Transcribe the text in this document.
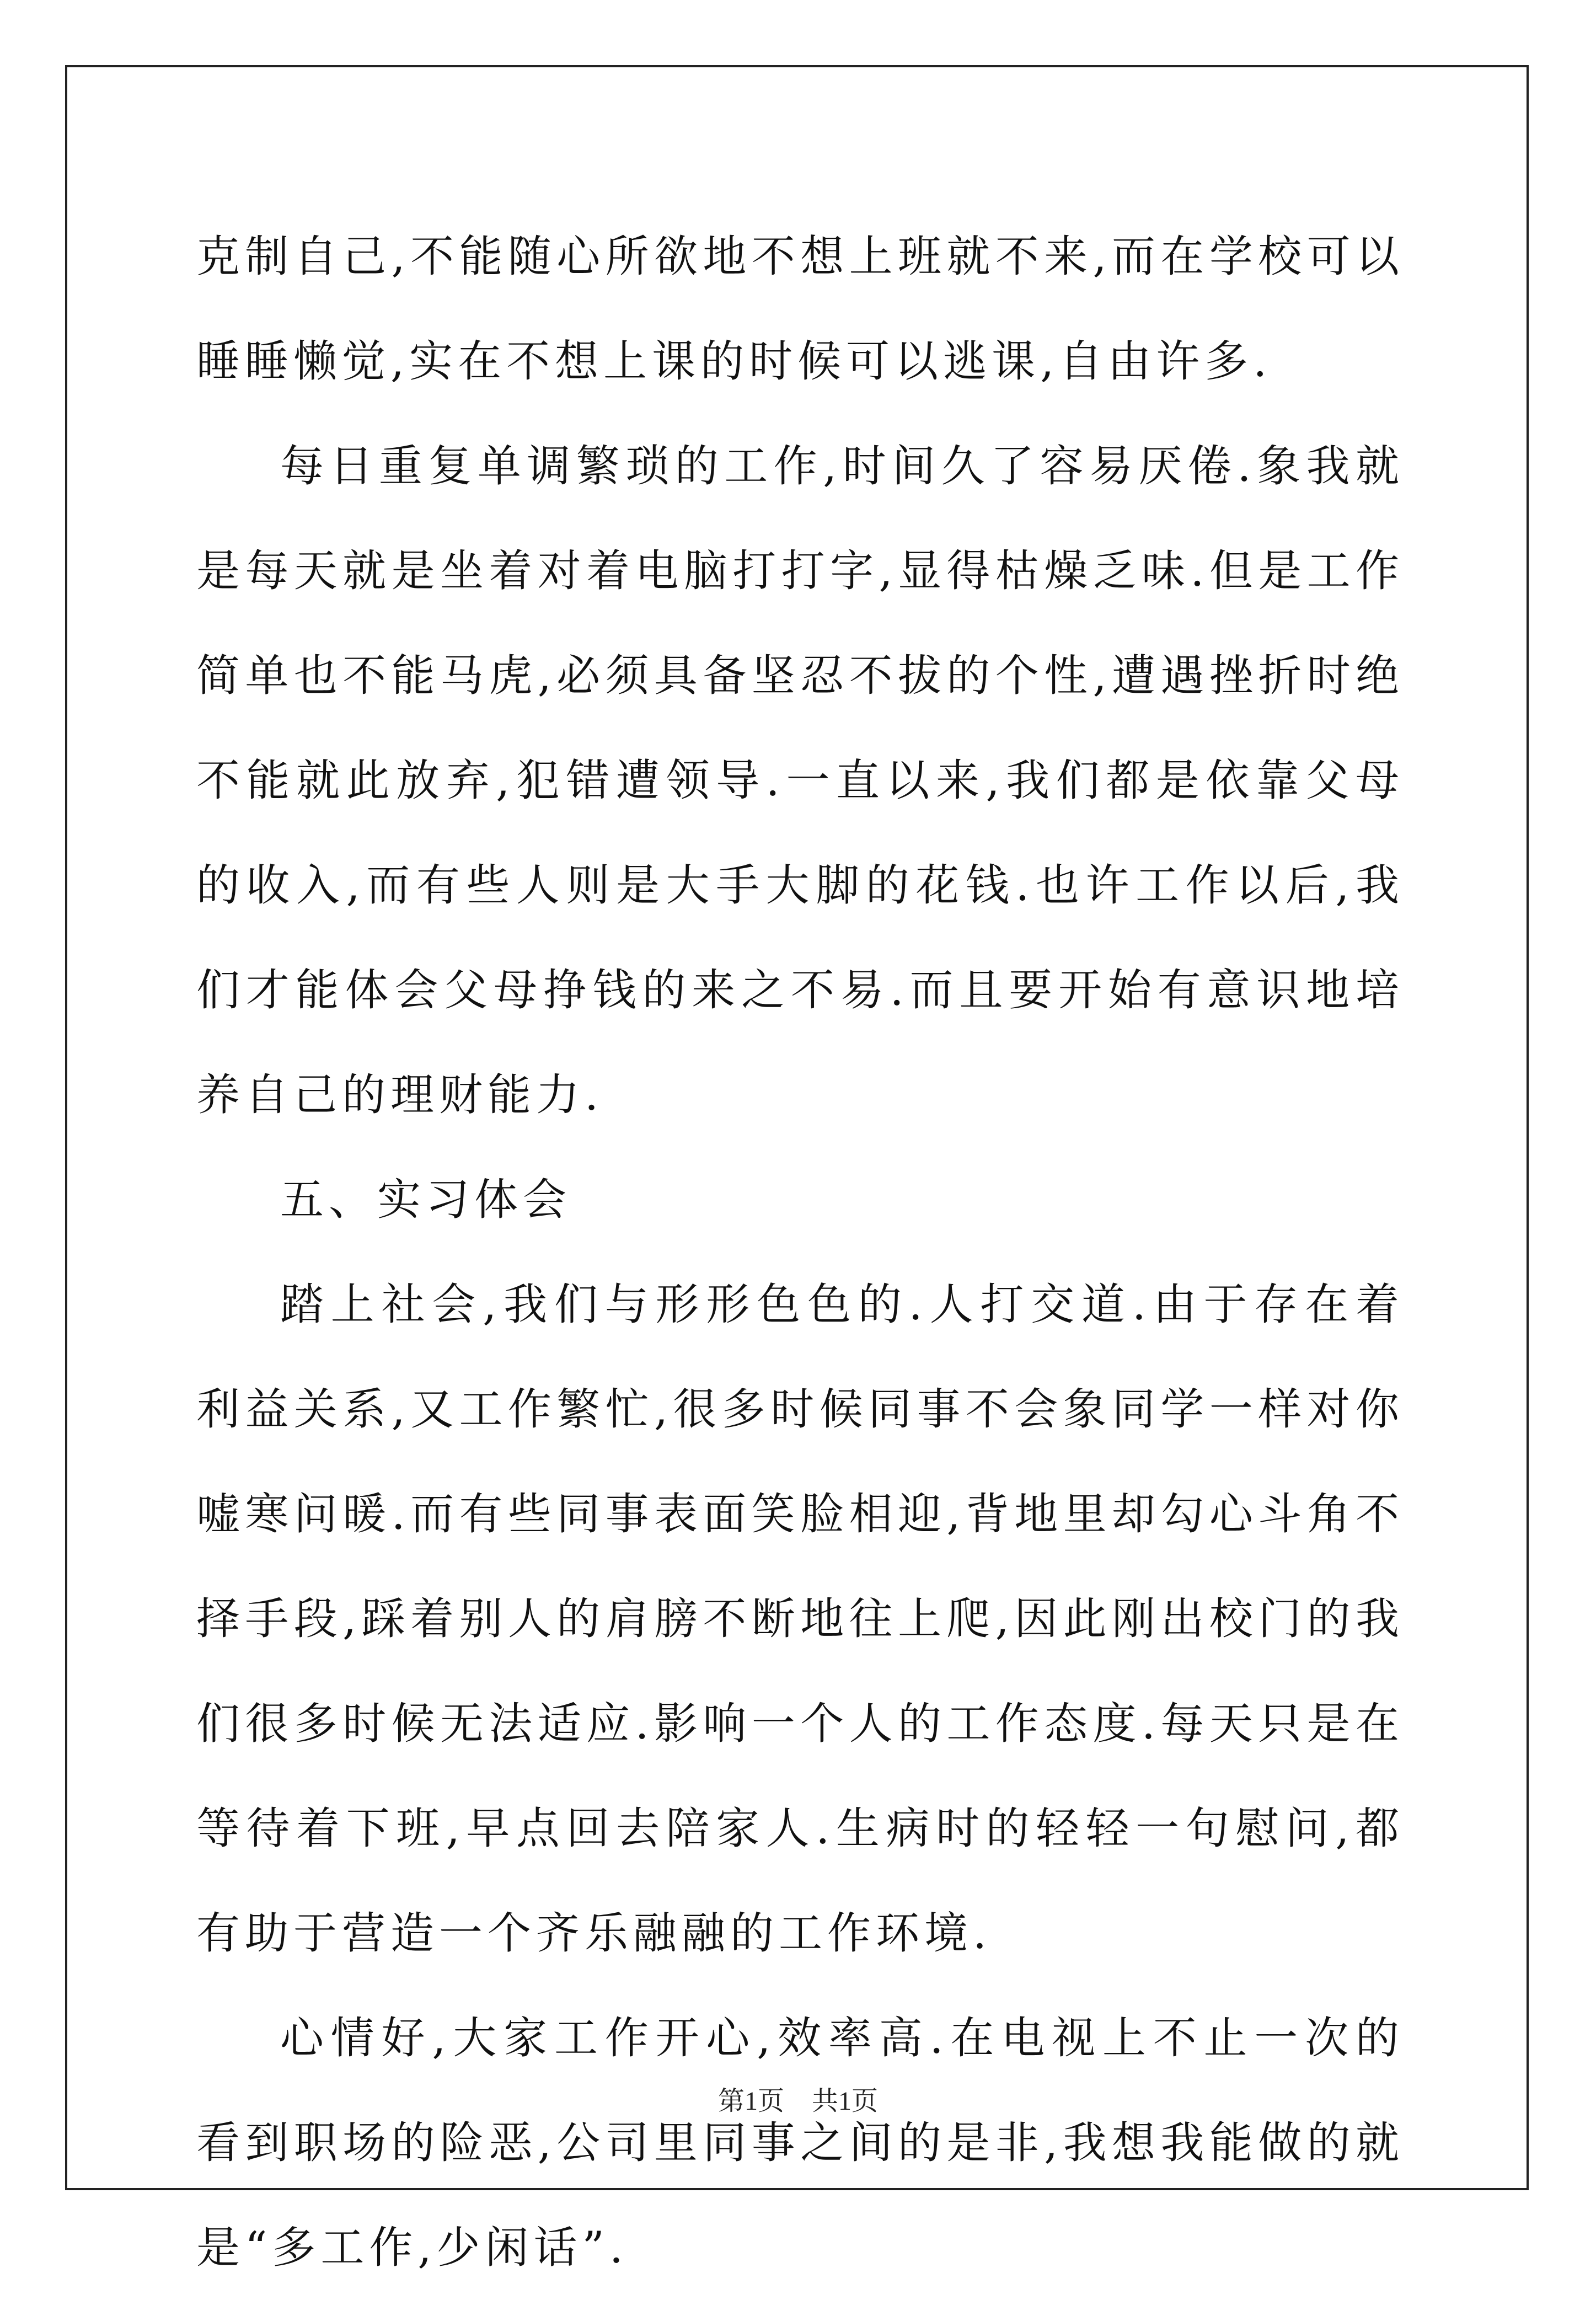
克制自己,不能随心所欲地不想上班就不来,而在学校可以睡睡懒觉,实在不想上课的时候可以逃课,自由许多.

每日重复单调繁琐的工作,时间久了容易厌倦.象我就是每天就是坐着对着电脑打打字,显得枯燥乏味.但是工作简单也不能马虎,必须具备坚忍不拔的个性,遭遇挫折时绝不能就此放弃,犯错遭领导.一直以来,我们都是依靠父母的收入,而有些人则是大手大脚的花钱.也许工作以后,我们才能体会父母挣钱的来之不易.而且要开始有意识地培养自己的理财能力.

五、实习体会

踏上社会,我们与形形色色的.人打交道.由于存在着利益关系,又工作繁忙,很多时候同事不会象同学一样对你嘘寒问暖.而有些同事表面笑脸相迎,背地里却勾心斗角不择手段,踩着别人的肩膀不断地往上爬,因此刚出校门的我们很多时候无法适应.影响一个人的工作态度.每天只是在等待着下班,早点回去陪家人.生病时的轻轻一句慰问,都有助于营造一个齐乐融融的工作环境.

心情好,大家工作开心,效率高.在电视上不止一次的看到职场的险恶,公司里同事之间的是非,我想我能做的就是“多工作,少闲话”.

第1页 共1页
